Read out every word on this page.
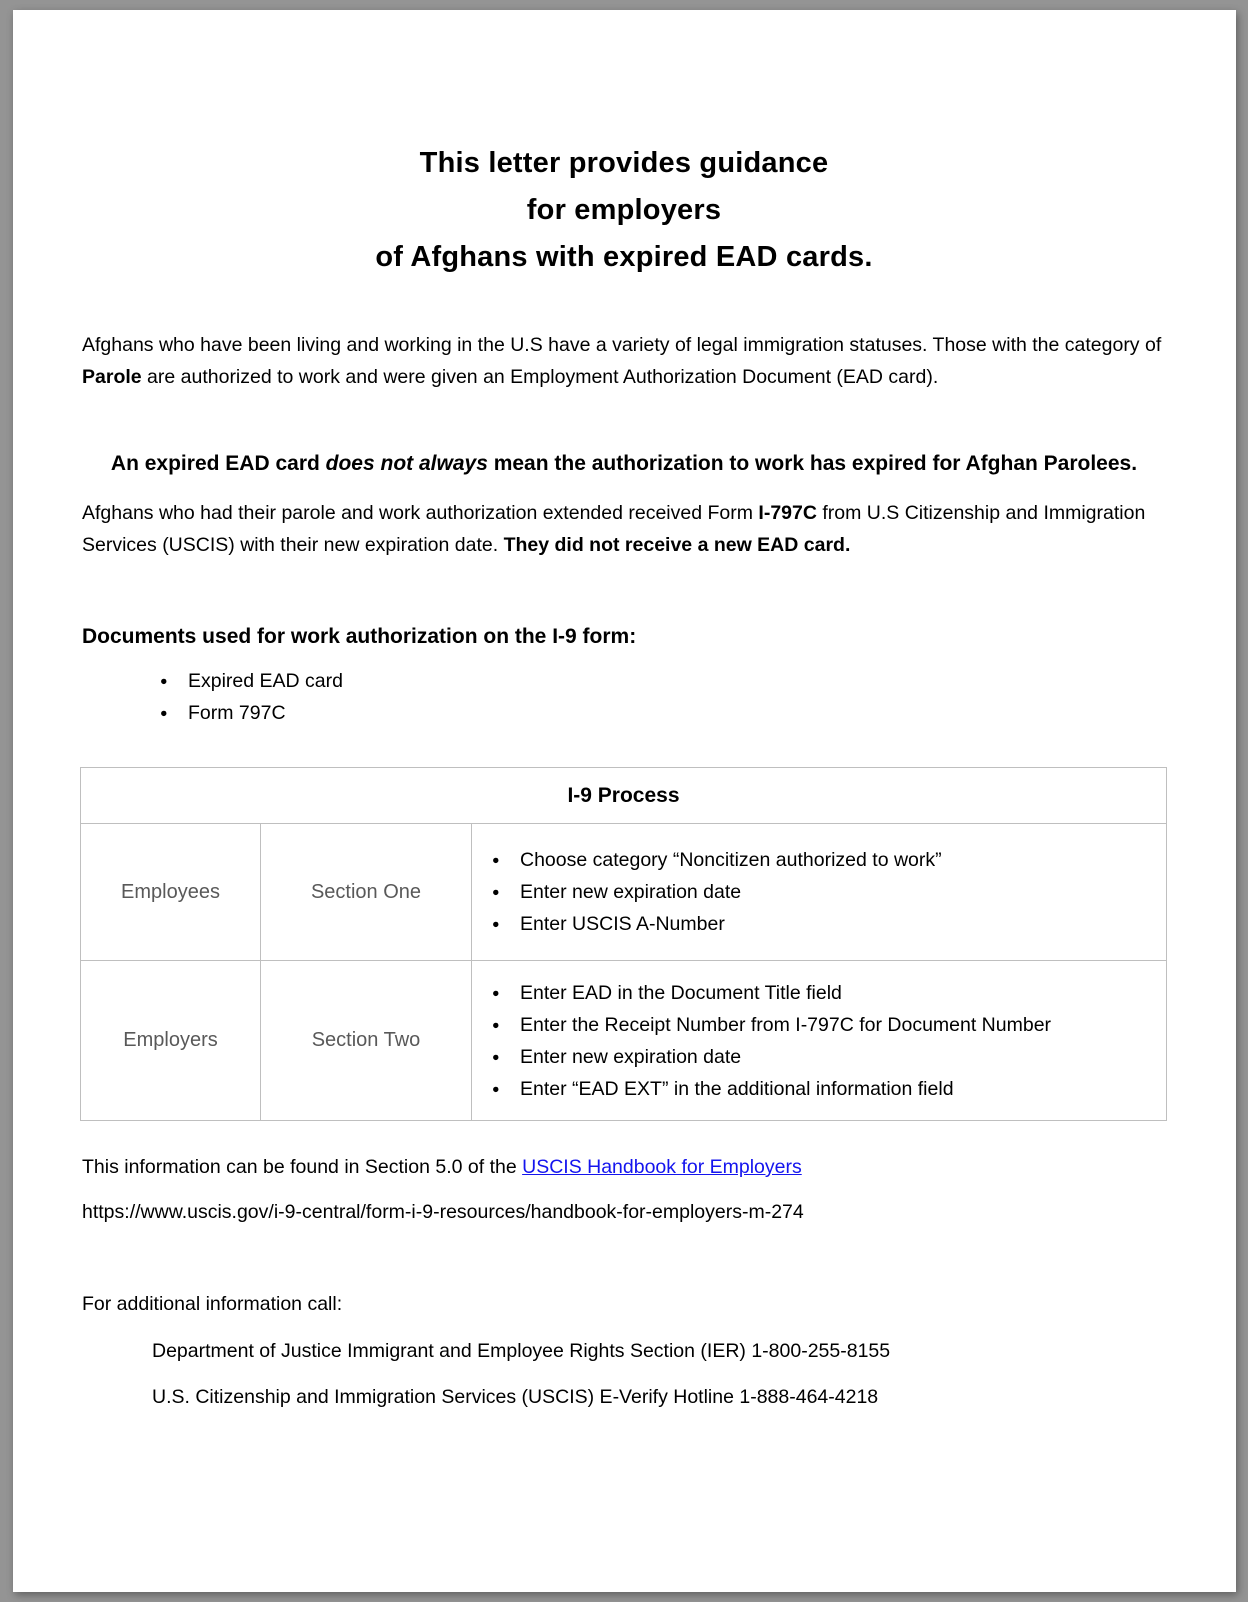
This letter provides guidance
for employers
of Afghans with expired EAD cards.

Afghans who have been living and working in the U.S have a variety of legal immigration statuses. Those with the category of Parole are authorized to work and were given an Employment Authorization Document (EAD card).

An expired EAD card does not always mean the authorization to work has expired for Afghan Parolees.

Afghans who had their parole and work authorization extended received Form I-797C from U.S Citizenship and Immigration Services (USCIS) with their new expiration date. They did not receive a new EAD card.

Documents used for work authorization on the I-9 form:
● Expired EAD card
● Form 797C
I-9 Process		
Employees	Section One	
● Choose category “Noncitizen authorized to work”
● Enter new expiration date
● Enter USCIS A-Number

Employers	Section Two	
● Enter EAD in the Document Title field
● Enter the Receipt Number from I-797C for Document Number
● Enter new expiration date
● Enter “EAD EXT” in the additional information field

This information can be found in Section 5.0 of the USCIS Handbook for Employers

https://www.uscis.gov/i-9-central/form-i-9-resources/handbook-for-employers-m-274

For additional information call:

Department of Justice Immigrant and Employee Rights Section (IER) 1-800-255-8155

U.S. Citizenship and Immigration Services (USCIS) E-Verify Hotline 1-888-464-4218
